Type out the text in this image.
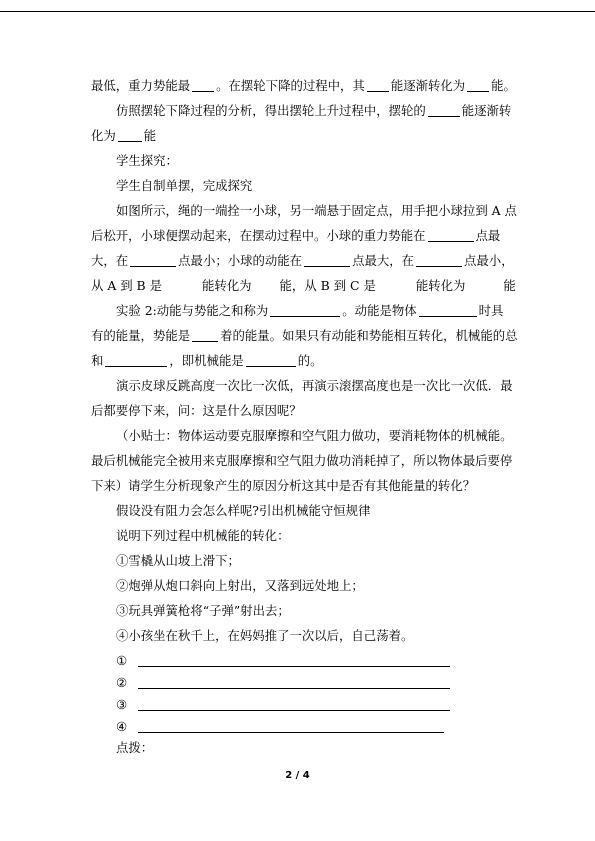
最低，重力势能最 。在摆轮下降的过程中，其 能逐渐转化为 能。
仿照摆轮下降过程的分析，得出摆轮上升过程中，摆轮的	能逐渐转
化为 能
学生探究：
学生自制单摆，完成探究
如图所示，绳的一端拴一小球，另一端悬于固定点，用手把小球拉到 A 点
后松开，小球便摆动起来，在摆动过程中。小球的重力势能在	点最
大，在	点最小；小球的动能在	点最大，在	点最小，
从 A 到 B 是	能转化为 能，从 B 到 C 是	能转化为	能
实验 2:动能与势能之和称为	。动能是物体	时具
有的能量，势能是 着的能量。如果只有动能和势能相互转化，机械能的总
和	，即机械能是	的。
演示皮球反跳高度一次比一次低，再演示滚摆高度也是一次比一次低．最
后都要停下来，问：这是什么原因呢？
（小贴士：物体运动要克服摩擦和空气阻力做功，要消耗物体的机械能。
最后机械能完全被用来克服摩擦和空气阻力做功消耗掉了，所以物体最后要停
下来）请学生分析现象产生的原因分析这其中是否有其他能量的转化？
假设没有阻力会怎么样呢?引出机械能守恒规律
说明下列过程中机械能的转化：
①雪橇从山坡上滑下；
②炮弹从炮口斜向上射出，又落到远处地上；
③玩具弹簧枪将“子弹”射出去；
④小孩坐在秋千上，在妈妈推了一次以后，自己荡着。
①
②
③
④
点拨：
2 / 4
